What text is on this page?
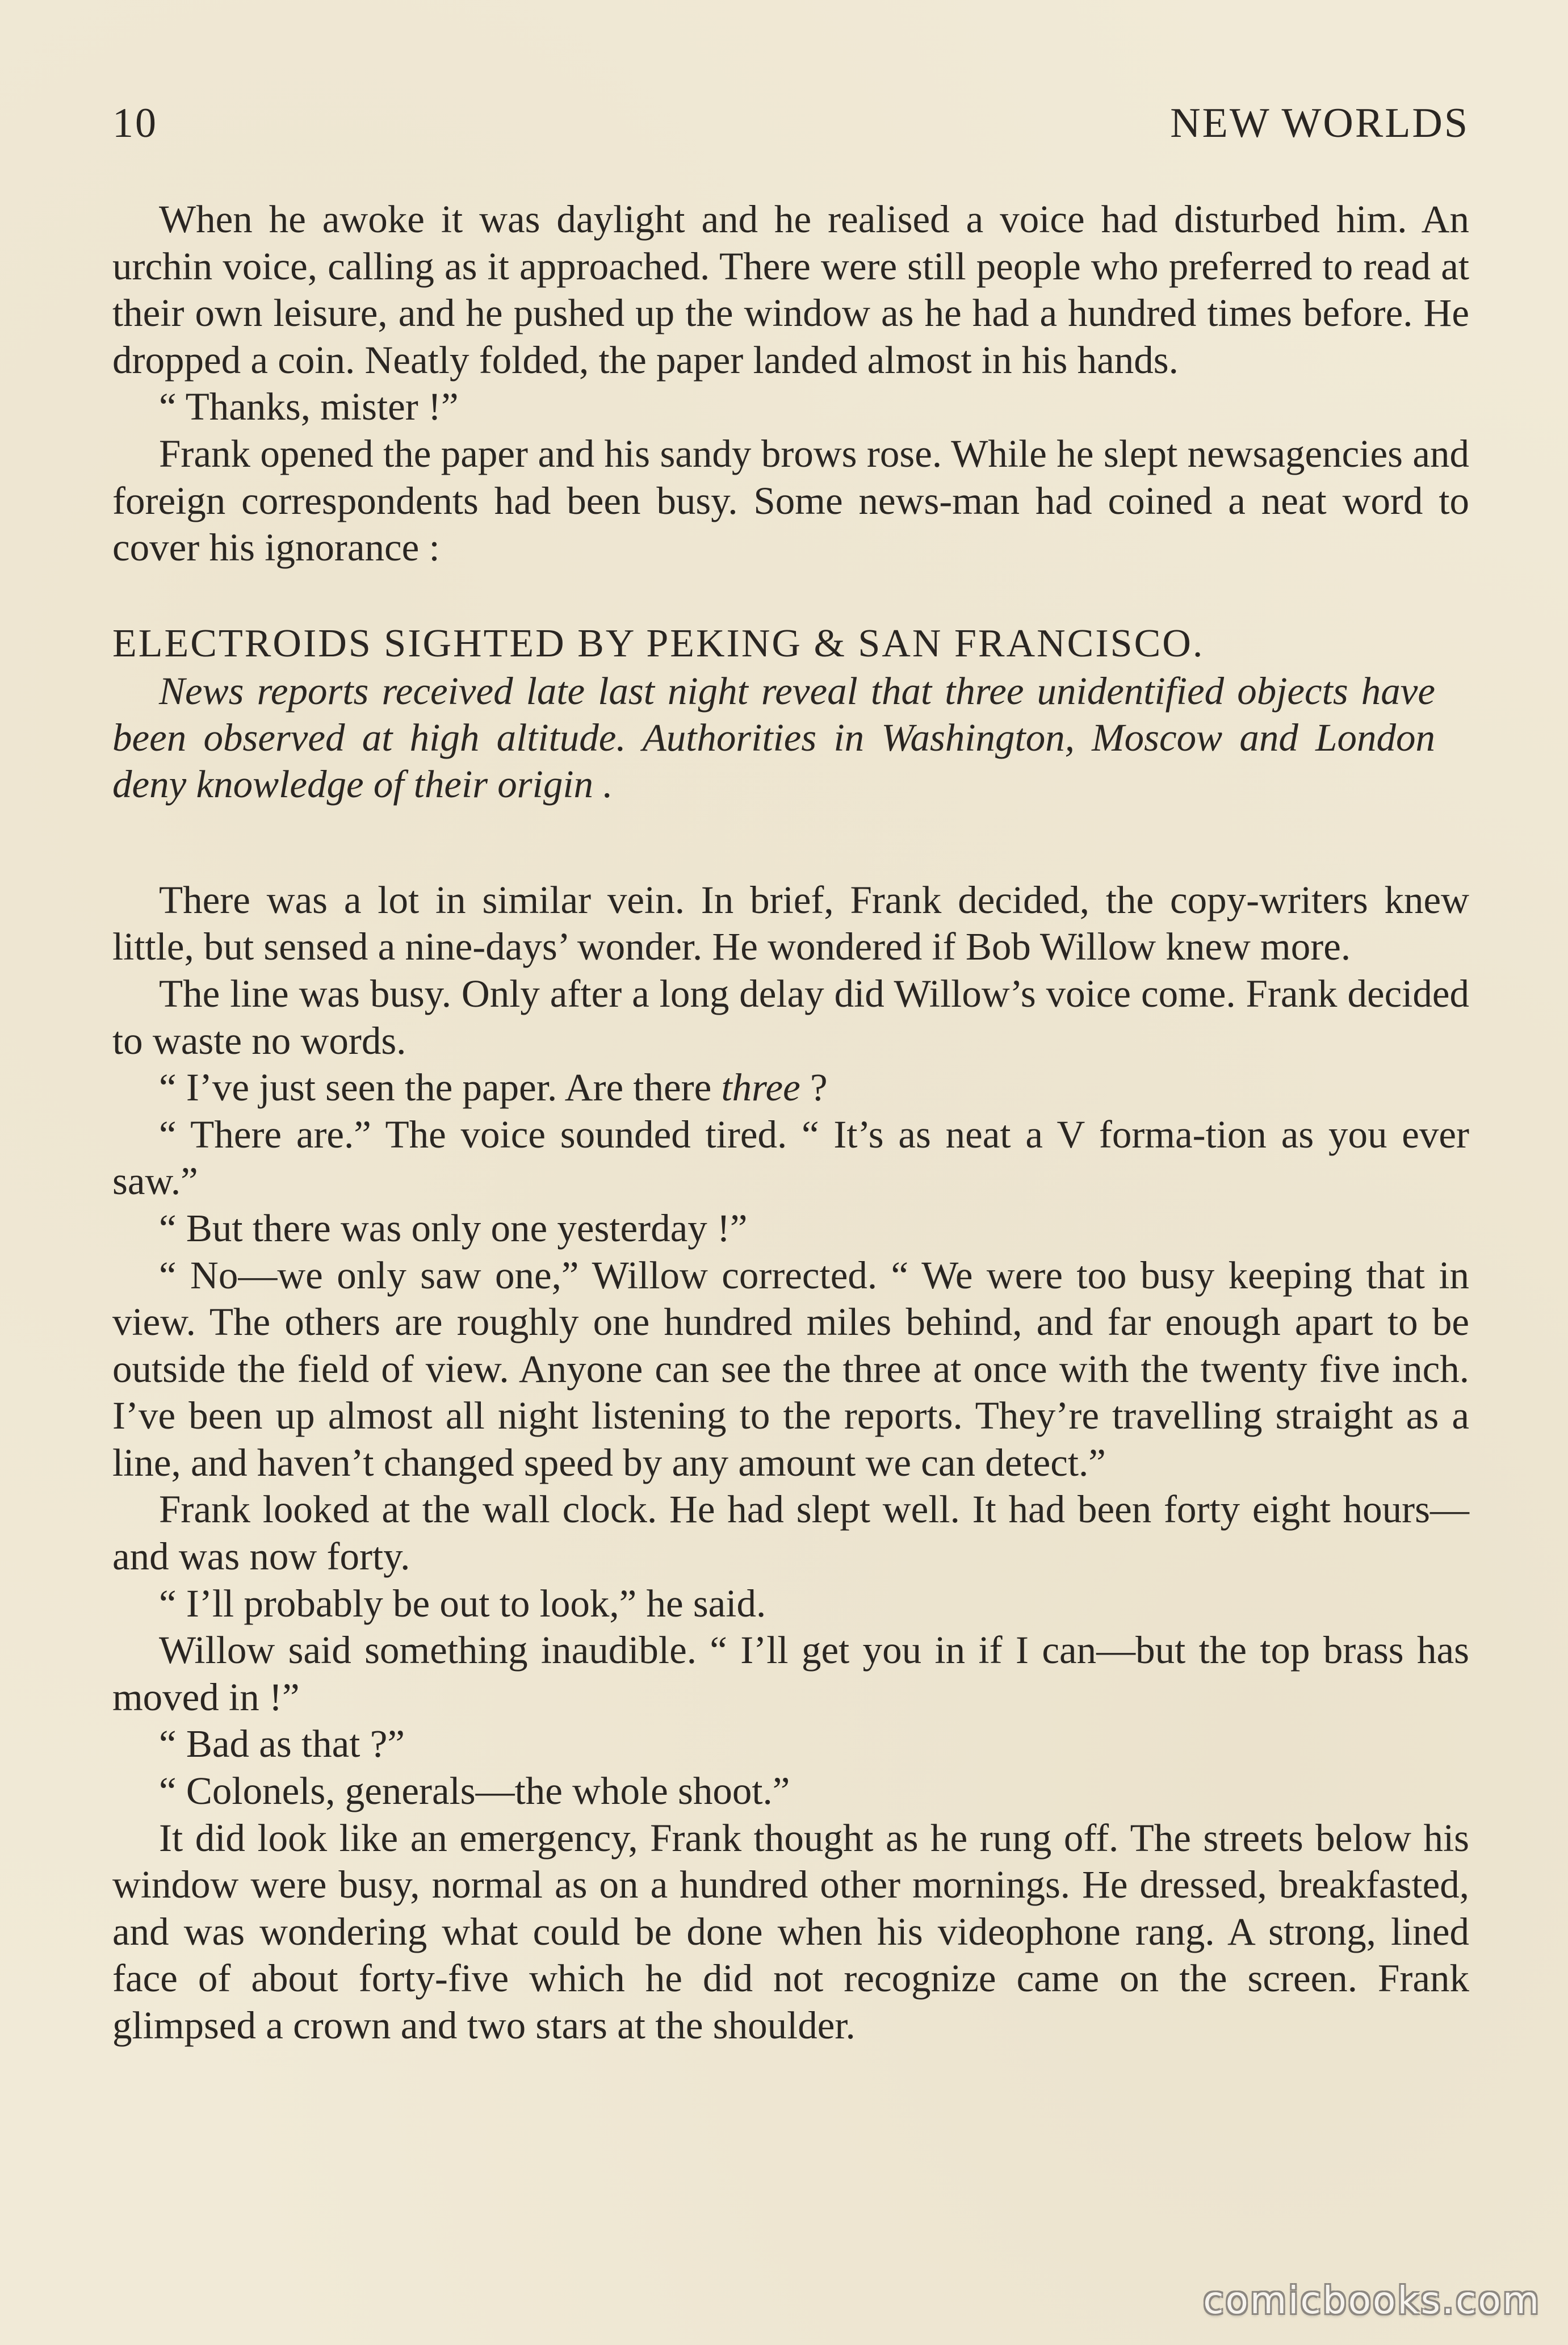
10	NEW WORLDS

When he awoke it was daylight and he realised a voice had disturbed him. An urchin voice, calling as it approached. There were still people who preferred to read at their own leisure, and he pushed up the window as he had a hundred times before. He dropped a coin. Neatly folded, the paper landed almost in his hands.

“ Thanks, mister !”

Frank opened the paper and his sandy brows rose. While he slept newsagencies and foreign correspondents had been busy. Some news-man had coined a neat word to cover his ignorance :

ELECTROIDS SIGHTED BY PEKING & SAN FRANCISCO.

News reports received late last night reveal that three unidentified objects have been observed at high altitude. Authorities in Washington, Moscow and London deny knowledge of their origin .

There was a lot in similar vein. In brief, Frank decided, the copy-writers knew little, but sensed a nine-days’ wonder. He wondered if Bob Willow knew more.

The line was busy. Only after a long delay did Willow’s voice come. Frank decided to waste no words.

“ I’ve just seen the paper. Are there three ?

“ There are.” The voice sounded tired. “ It’s as neat a V forma-tion as you ever saw.”

“ But there was only one yesterday !”

“ No—we only saw one,” Willow corrected. “ We were too busy keeping that in view. The others are roughly one hundred miles behind, and far enough apart to be outside the field of view. Anyone can see the three at once with the twenty five inch. I’ve been up almost all night listening to the reports. They’re travelling straight as a line, and haven’t changed speed by any amount we can detect.”

Frank looked at the wall clock. He had slept well. It had been forty eight hours—and was now forty.

“ I’ll probably be out to look,” he said.

Willow said something inaudible. “ I’ll get you in if I can—but the top brass has moved in !”

“ Bad as that ?”

“ Colonels, generals—the whole shoot.”

It did look like an emergency, Frank thought as he rung off. The streets below his window were busy, normal as on a hundred other mornings. He dressed, breakfasted, and was wondering what could be done when his videophone rang. A strong, lined face of about forty-five which he did not recognize came on the screen. Frank glimpsed a crown and two stars at the shoulder.

comicbooks.com
